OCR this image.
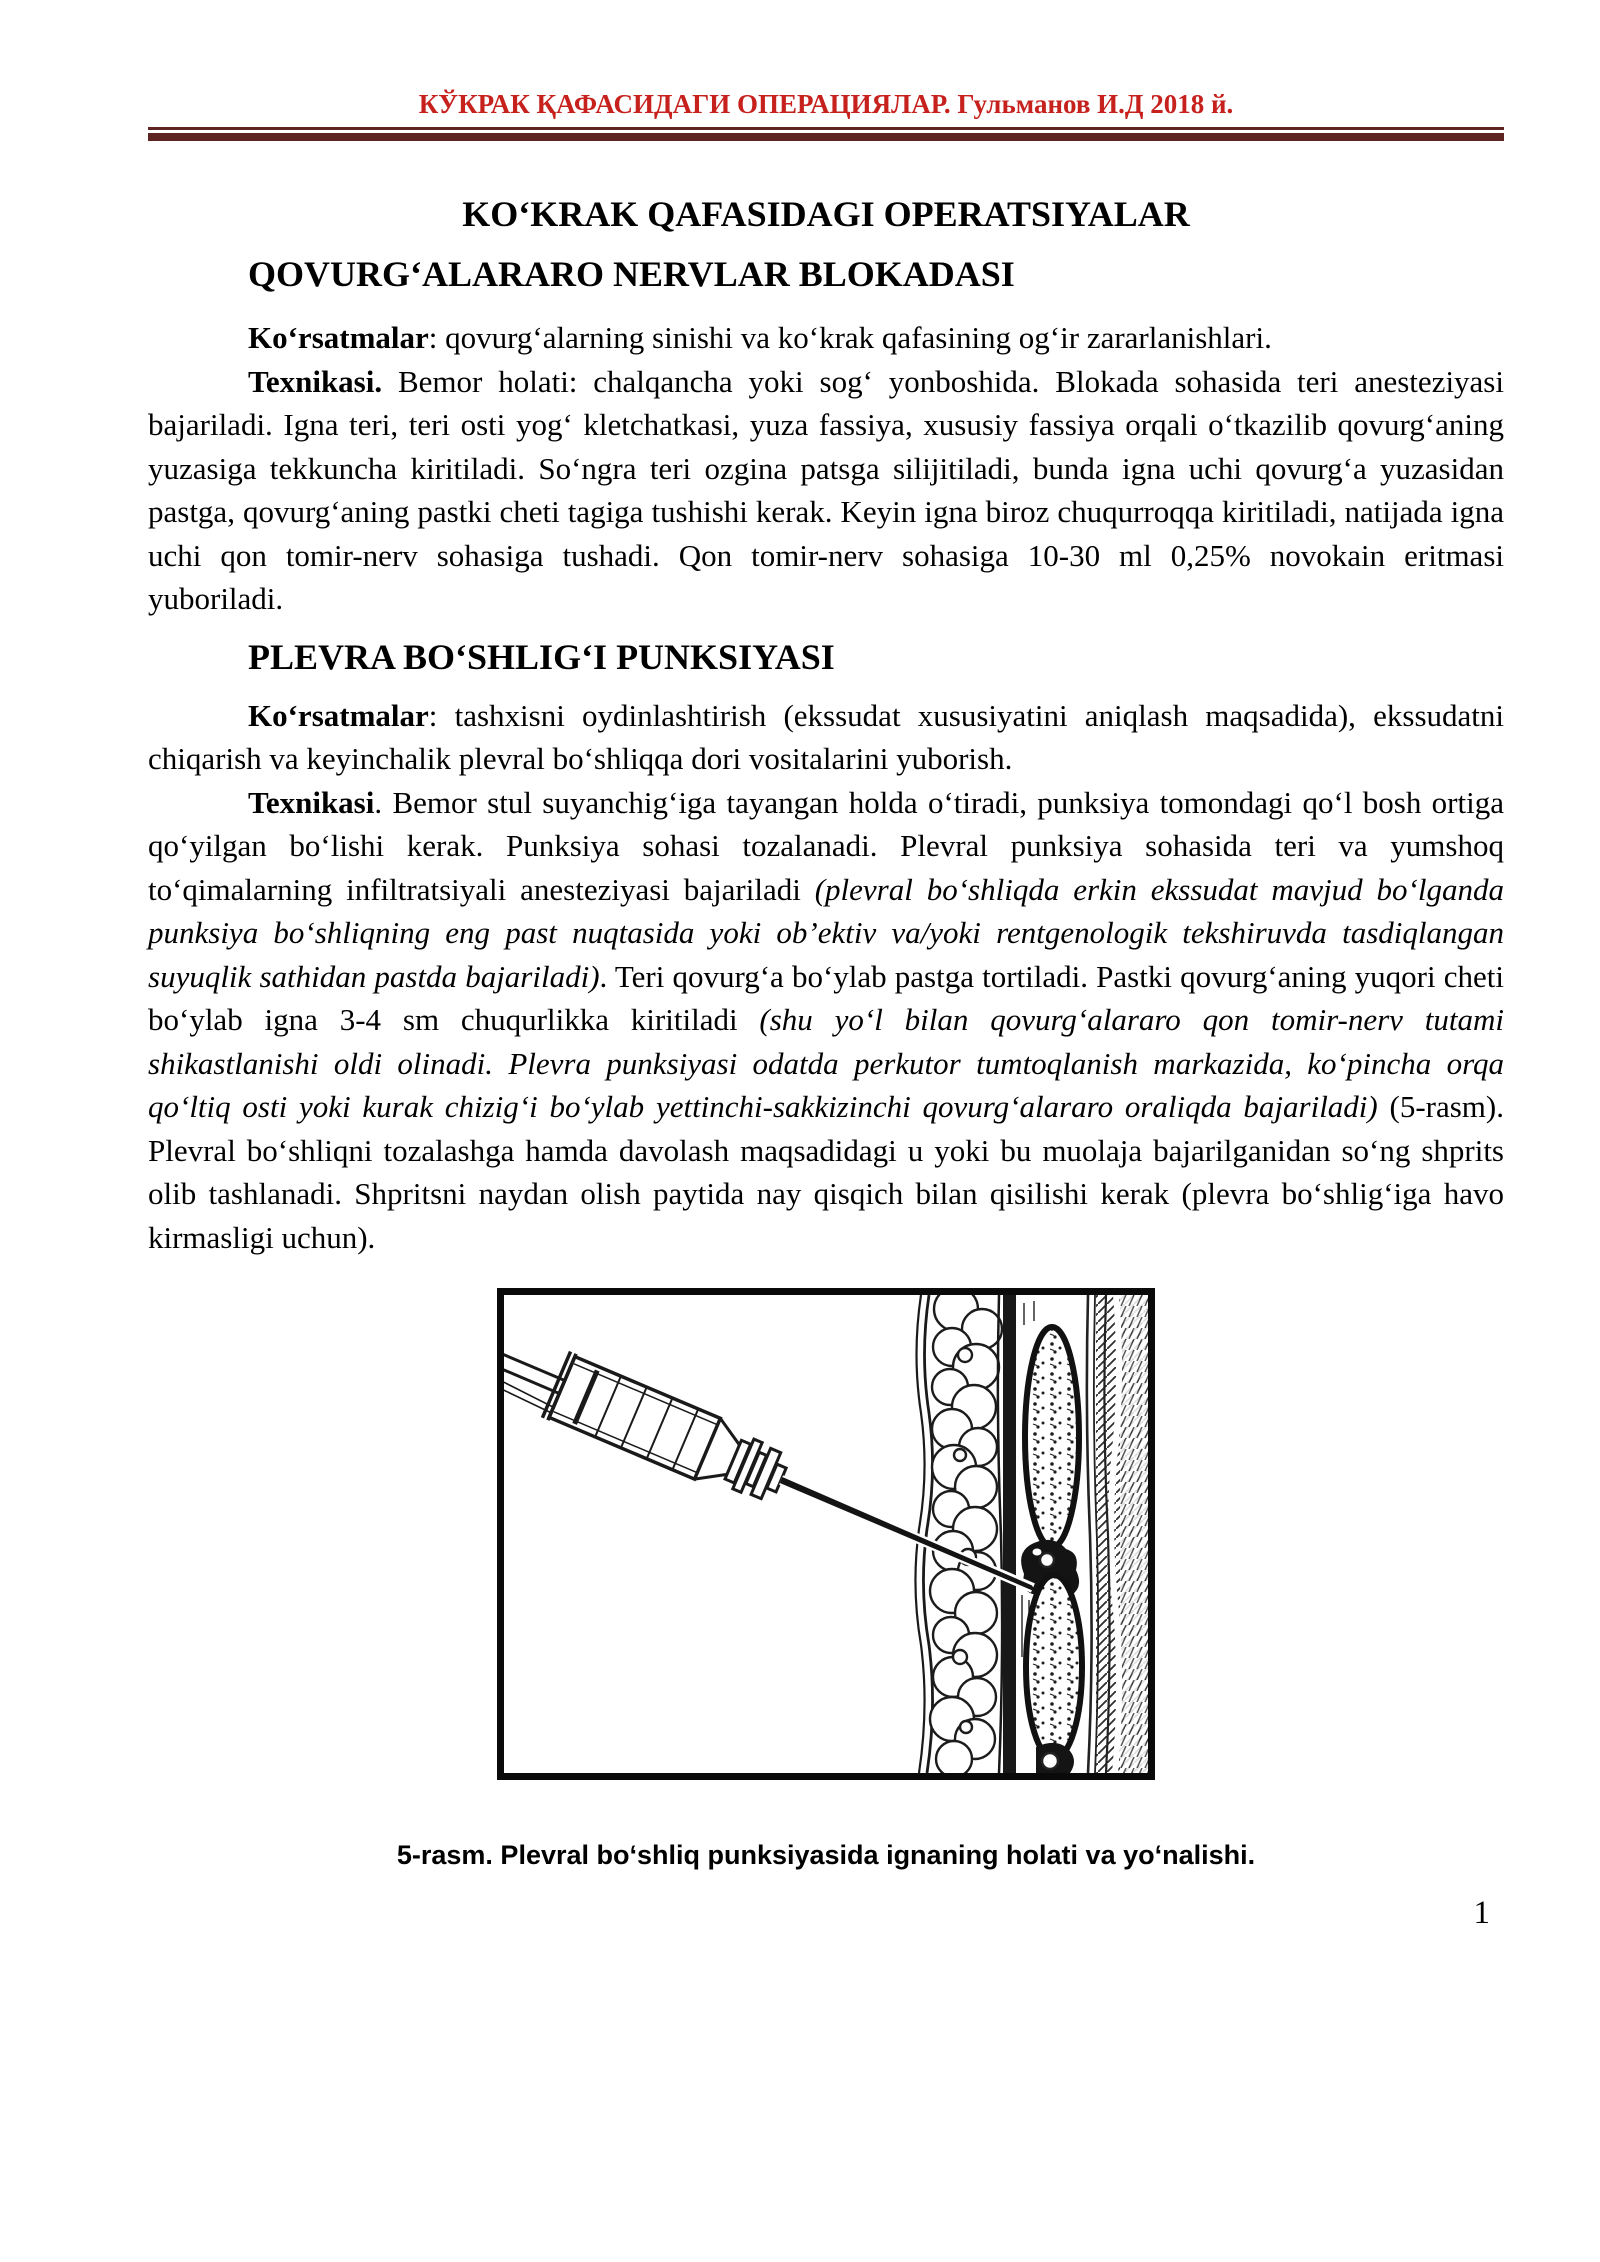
КЎКРАК ҚАФАСИДАГИ ОПЕРАЦИЯЛАР. Гульманов И.Д 2018 й.
KO‘KRAK QAFASIDAGI OPERATSIYALAR
QOVURG‘ALARARO NERVLAR BLOKADASI

Ko‘rsatmalar: qovurg‘alarning sinishi va ko‘krak qafasining og‘ir zararlanishlari.

Texnikasi. Bemor holati: chalqancha yoki sog‘ yonboshida. Blokada sohasida teri anesteziyasi bajariladi. Igna teri, teri osti yog‘ kletchatkasi, yuza fassiya, xususiy fassiya orqali o‘tkazilib qovurg‘aning yuzasiga tekkuncha kiritiladi. So‘ngra teri ozgina patsga silijitiladi, bunda igna uchi qovurg‘a yuzasidan pastga, qovurg‘aning pastki cheti tagiga tushishi kerak. Keyin igna biroz chuqurroqqa kiritiladi, natijada igna uchi qon tomir-nerv sohasiga tushadi. Qon tomir-nerv sohasiga 10-30 ml 0,25% novokain eritmasi yuboriladi.

PLEVRA BO‘SHLIG‘I PUNKSIYASI

Ko‘rsatmalar: tashxisni oydinlashtirish (ekssudat xususiyatini aniqlash maqsadida), ekssudatni chiqarish va keyinchalik plevral bo‘shliqqa dori vositalarini yuborish.

Texnikasi. Bemor stul suyanchig‘iga tayangan holda o‘tiradi, punksiya tomondagi qo‘l bosh ortiga qo‘yilgan bo‘lishi kerak. Punksiya sohasi tozalanadi. Plevral punksiya sohasida teri va yumshoq to‘qimalarning infiltratsiyali anesteziyasi bajariladi (plevral bo‘shliqda erkin ekssudat mavjud bo‘lganda punksiya bo‘shliqning eng past nuqtasida yoki ob’ektiv va/yoki rentgenologik tekshiruvda tasdiqlangan suyuqlik sathidan pastda bajariladi). Teri qovurg‘a bo‘ylab pastga tortiladi. Pastki qovurg‘aning yuqori cheti bo‘ylab igna 3-4 sm chuqurlikka kiritiladi (shu yo‘l bilan qovurg‘alararo qon tomir-nerv tutami shikastlanishi oldi olinadi. Plevra punksiyasi odatda perkutor tumtoqlanish markazida, ko‘pincha orqa qo‘ltiq osti yoki kurak chizig‘i bo‘ylab yettinchi-sakkizinchi qovurg‘alararo oraliqda bajariladi) (5-rasm). Plevral bo‘shliqni tozalashga hamda davolash maqsadidagi u yoki bu muolaja bajarilganidan so‘ng shprits olib tashlanadi. Shpritsni naydan olish paytida nay qisqich bilan qisilishi kerak (plevra bo‘shlig‘iga havo kirmasligi uchun).

5-rasm. Plevral bo‘shliq punksiyasida ignaning holati va yo‘nalishi.
1
